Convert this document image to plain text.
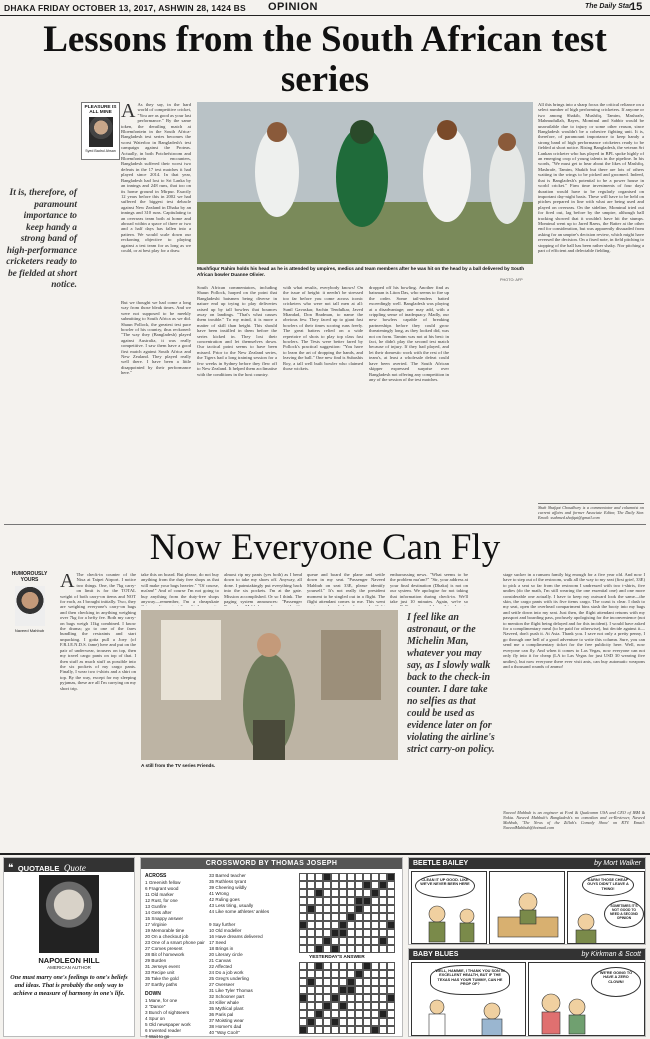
DHAKA FRIDAY OCTOBER 13, 2017, ASHWIN 28, 1424 BS OPINION	The Daily Star
15
Lessons from the South African test series
PLEASURE IS ALL MINE
Syed Badrul Ahsan
It is, therefore, of paramount importance to keep handy a strong band of high-performance cricketers ready to be fielded at short notice.
A As they say, in the hard world of competitive cricket, "You are as good as your last performance." By the same token, the derailing match at Bloemfontein in the South Africa-Bangladesh test series becomes the worst Waterloo in Bangladesh's test campaign against the Proteas. Actually, in both Potchefstroom and Bloemfontein encounters, Bangladesh suffered their worst two defeats in the 17 test matches it had played since 2014. In that year, Bangladesh had lost to Sri Lanka by an innings and 248 runs, that too on its home ground in Mirpur. Exactly 12 years before this in 2002 we had suffered the biggest test debacle against New Zealand in Dhaka by an innings and 310 runs. Capitulating to an overseas team both at home and abroad within a space of three or two and a half days has fallen into a pattern. We would scale down our reckoning objective to playing against a test team for as long as we could, or at best play for a draw.
But we thought we had come a long way from those bleak times. And we were not supposed to be meekly submitting to South Africa as we did. Shaun Pollock, the greatest test pace bowler of his country, thus reckoned: "The way they (Bangladesh) played against Australia, it was really competitive. I saw them have a good first match against South Africa and New Zealand. They played really well there. I have been a little disappointed by their performance here."
Mushfiqur Rahim holds his head as he is attended by umpires, medics and team members after he was hit on the head by a ball delivered by South African bowler Duanne Olivier.
PHOTO: AFP
South African commentators, including Shaun Pollock, harped on the point that Bangladeshi batsmen being diverse in nature end up trying to play deliveries raised up by tall bowlers that bounces away on landings. "That's what causes them trouble." To my mind, it is more a matter of skill than height. This should have been instilled in them before the series kicked in. They lost their concentration and let themselves down. Our tactical point seems to have been missed. Prior to the New Zealand series, the Tigers had a long training session for a few weeks in Sydney before they flew off to New Zealand. It helped them acclimatise with the conditions in the host country.
with what results, everybody knows! On the issue of height: it needn't be stressed too far before you come across iconic cricketers who were not tall men at all: Sunil Gavaskar, Sachin Tendulkar, Javed Miandad, Don Bradman, to name the obvious few. They faced up to giant fast bowlers of their times scoring runs freely. The great batters relied on a wide repertoire of shots to play top class fast bowlers. The Tests were better fared by Pollock's practical suggestion: "You have to learn the art of dropping the hands, and leaving the ball." One new find is Subashis Roy, a tall well built bowler who claimed those wickets.
dropped off his bowling. Another find as batsman is Liton Das, who seems to fire up the order. Some tail-enders batted exceedingly well. Bangladesh was playing at a disadvantage; one may add, with a crippling sense of inadequacy. Madly, our new bowlers capable of breaking partnerships before they could grow threateningly long, as they looked did, was not on form. Tamim was not at his best: in fact, he didn't play the second test match because of injury. If they had played, and let their domestic work with the rest of the team's, at least a wholesale defeat could have been averted. The South African skipper expressed surprise over Bangladesh not offering any competition in any of the session of the test matches.
All this brings into a sharp focus the critical reliance on a select number of high performing cricketers. If anyone or two among Shakib, Mushfiq, Tamim, Mashrafe, Mahmudullah, Rayes, Mominul and Sabbir would be unavailable due to injury or some other reason, since Bangladesh wouldn't be a cohesive fighting unit. It is, therefore, of paramount importance to keep handy a strong band of high performance cricketers ready to be fielded at short notice. Rising Bangladesh, the veteran Sri Lankan cricketer who has played in BPL spoke highly of an emerging crop of young talents in the pipeline. In his words, "We must get to hear about the likes of Mashfiq, Mashrafe, Tamim, Shakib but there are lots of others waiting in the wings to be picked and groomed. Indeed, that is Bangladesh's potential to be a power house in world cricket." Firm time investments of four days' duration would have to be regularly organised on important day-night basis. These will have to be held on pitches prepared in line with what are being used and played on overseas. On the sideline, Mominul tried out for fired out, lag before by the umpire, although ball tracking showed that it wouldn't have hit the stumps. Mominul went up to Jared Raess, the Batter at the other end for consideration, but was apparently dissuaded from asking for an umpire's decision review, which might have reversed the decision. On a fixed note, in field pitching to stopping of the ball has been rather shaky. Nor pitching a part of efficient and delectable fielding.
Shah Shafqat Choudhury is a commentator and columnist on current affairs and former Associate Editor, The Daily Star. Email: ssahmed.shafqat@gmail.com
Now Everyone Can Fly
HUMOROUSLY YOURS
Naveed Mahbub
A The check-in counter of the Nixa at Taipei Airport. I notice two things. One, the 7kg carry-on limit is for the TOTAL weight of both carry-on items and NOT for each, as I brought initially. Two, they are weighing everyone's carry-on bags and then checking in anything weighing over 7kg for a hefty fee. Both my carry-on bags weigh 11kg combined. I know the drama; go to one of the fares bundling the restraints and start unpacking. I gotta pull a Joey (of F.R.I.E.N.D.S. fame) here and put on the pair of underwear, trousers on top, then my travel cargo pants on top of that. I then stuff as much stuff as possible into the six pockets of my cargo pants. Finally, I wear two t-shirts and a shirt on top. By the way, except for my sleeping pyjamas, these are all I'm carrying on my short trip.
take this on board. But please, do not buy anything from the duty free shops as that will make your bags heavier." "Of course, ma'am!" And of course I'm not going to buy anything from the duty-free shops anyway—remember, I'm a cheapskate
almost rip my pants (yes both) as I bend down to take my shoes off. Anyway, all done. I painstakingly put everything back into the six pockets. I'm at the gate. Mission accomplished. Or so I think. The paging system announces: "Passenger
queue and board the plane and settle down in my seat. "Passenger Naveed Mahbub on seat 33E, please identify yourself." It's not really the president moment to be singled out in a flight. The flight attendant comes to me. This went
embarrassing news. "What seems to be the problem ma'am?" "Sir, your address at your final destination (Dhaka) is not on our system. We apologise for not taking that information during check-in. We'll take just 10 minutes. Again, we're so
A still from the TV series Friends.
I feel like an astronaut, or the Michelin Man, whatever you may say, as I slowly walk back to the check-in counter. I dare take no selfies as that could be used as evidence later on for violating the airline's strict carry-on policy.
stage sucker in a ransom family big enough for a five year old. And now I have to step out of the restroom, walk all the way to my seat (first grief, 33E) to pick a seat so far from the restroom I undressed with two t-shirts, five undies (do the math, I'm still wearing the one essential one) and one more considerable one actually. I have to keep my outward look the same—the skin, the cargo pants with its five items cargo. The coast is clear. I dash to my seat, open the overhead compartment bins stash the booty into my bags and settle down into my seat. Just then, the flight attendant returns with my passport and boarding pass, profusely apologising for the inconvenience (not to mention the flight being delayed and for this incident). I would have asked for a complimentary meal (to be paid for otherwise), but decide against it—Naveed, don't push it. At Asia. Thank you. I save not only a pretty penny, I go through one hell of a good adventure to write this column. Sure, you can send me a complimentary ticket for the free publicity here. Well, now everyone can fly. And when it comes to Las Vegas, now everyone can not only fly into it for cheap (LA to Las Vegas for just USD 30 wearing five undies), but now everyone there ever visit ants, can buy automatic weapons and a thousand rounds of ammo!
Naveed Mahbub is an engineer at Ford & Qualcomm USA and CEO of IBM & Nokia. Naveed Mahbub's Bangladesh's no comedian and ex-Reviewer, Naveed Mahbub, 'The News of the Zillah's Comedy Show' on RTV. Email: NaveedMahbub@hotmail.com
❝ QUOTABLE Quote
NAPOLEON HILL
AMERICAN AUTHOR
One must marry one's feelings to one's beliefs and ideas. That is probably the only way to achieve a measure of harmony in one's life.
CROSSWORD BY THOMAS JOSEPH
ACROSS
1 Greenish fellow
6 Fragrant wood
11 Old marker
12 Rust, for one
13 Gunfire
14 Gets after
15 Snappy answer
17 Virginie
19 Memorable time
20 On a checkout job
23 One of a smart phone pair
27 Comes present
28 Bit of homework
29 Burden
31 Jerseys event
33 Recipe unit
35 Take the gold
37 Earthy paths
33 Barred teacher
35 Ruthless tyrant
39 Cheering wildly
41 Wrong
42 Ruling goes
43 Less tiring, usually
44 Like some athletes' ankles
DOWN
1 Mane, for one
2 "Dance"
3 Bunch of sightseers
4 Spur on
5 Old newspaper work
6 Invented reader
7 Wait to go
9 Say further
10 Old modeller
16 Have dreams delivered
17 Seed
18 Brings in
20 Literary circle
21 Canvas
22 Affected
24 Do a job work
25 Greg's underling
27 Overseer
31 Like Tyler Thomas
32 Schooner part
34 Killer whale
35 Mythical plant
36 Paris pal
37 Moisting wear
38 Homer's dad
40 "Way Cool!"
YESTERDAY'S ANSWER
BEETLE BAILEY	by Mort Walker
CLEAN IT UP GOOD. LIKE WE'VE NEVER BEEN HERE
DARN! THOSE CHEAP GUYS DIDN'T LEAVE A THING!
SOMETIMES IT'S NOT GOOD TO NEED A SECOND OPINION
BABY BLUES	by Kirkman & Scott
WELL, HAMMIE, I THANK YOU SON IN EXCELLENT HEALTH, BUT IF THE TEXAS HAS YOUR TUMMY, CAN HE PROP OF?
WE'RE GOING TO HAVE A ZERO CLOWN!
